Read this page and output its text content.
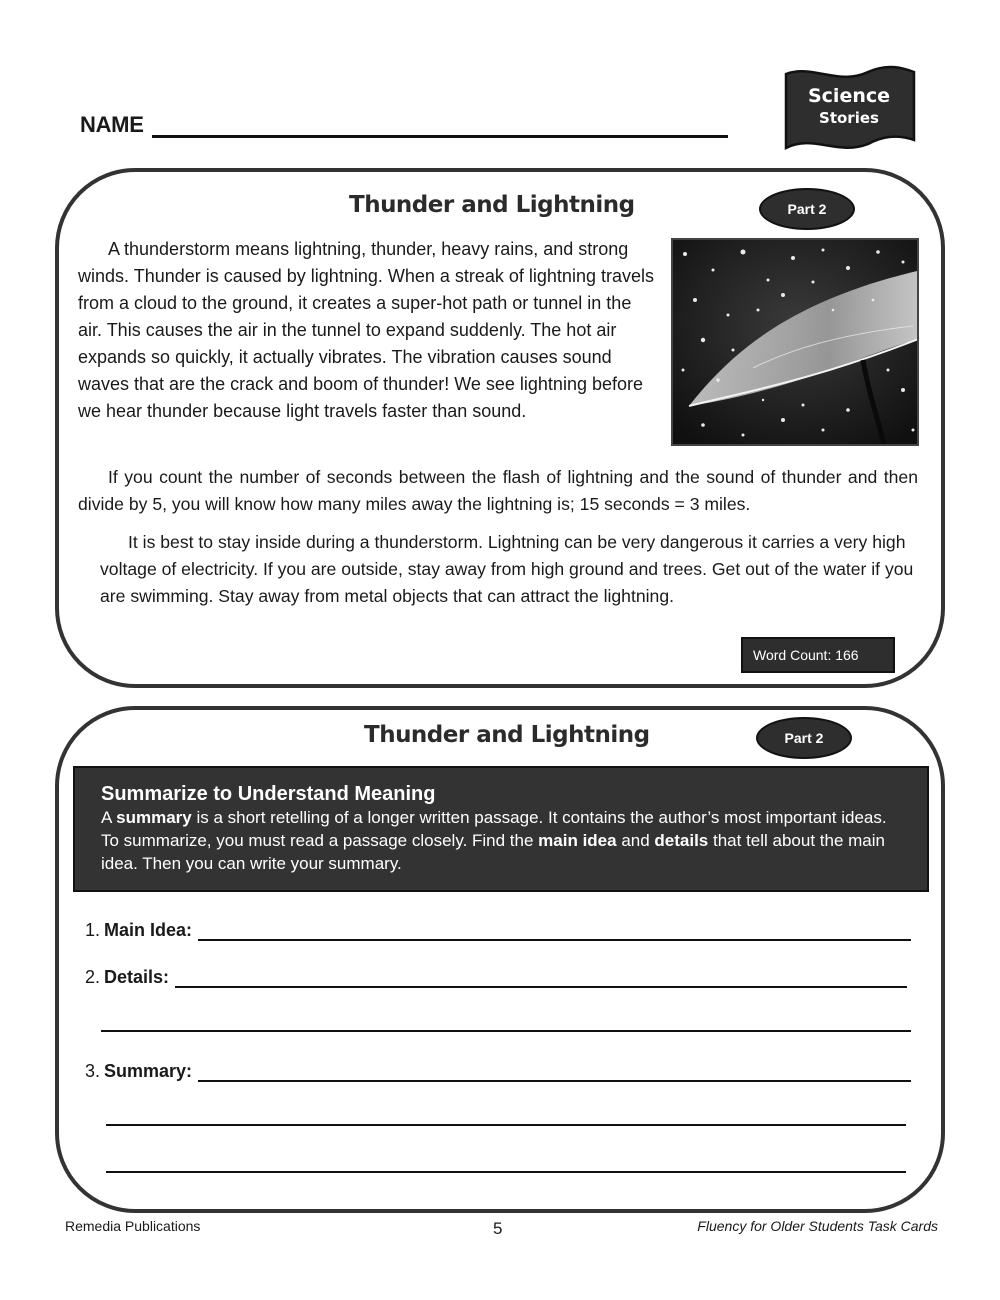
NAME
Science
Stories
Thunder and Lightning	Part 2

A thunderstorm means lightning, thunder, heavy rains, and strong winds. Thunder is caused by lightning. When a streak of lightning travels from a cloud to the ground, it creates a super-hot path or tunnel in the air. This causes the air in the tunnel to expand suddenly. The hot air expands so quickly, it actually vibrates. The vibration causes sound waves that are the crack and boom of thunder! We see lightning before we hear thunder because light travels faster than sound.

If you count the number of seconds between the flash of lightning and the sound of thunder and then divide by 5, you will know how many miles away the lightning is; 15 seconds = 3 miles.

It is best to stay inside during a thunderstorm. Lightning can be very dangerous it carries a very high voltage of electricity. If you are outside, stay away from high ground and trees. Get out of the water if you are swimming. Stay away from metal objects that can attract the lightning.

Word Count: 166
Thunder and Lightning	Part 2
Summarize to Understand Meaning
A summary is a short retelling of a longer written passage. It contains the author’s most important ideas. To summarize, you must read a passage closely. Find the main idea and details that tell about the main idea. Then you can write your summary.
1. Main Idea:
2. Details:
3. Summary:
Remedia Publications	5	Fluency for Older Students Task Cards
